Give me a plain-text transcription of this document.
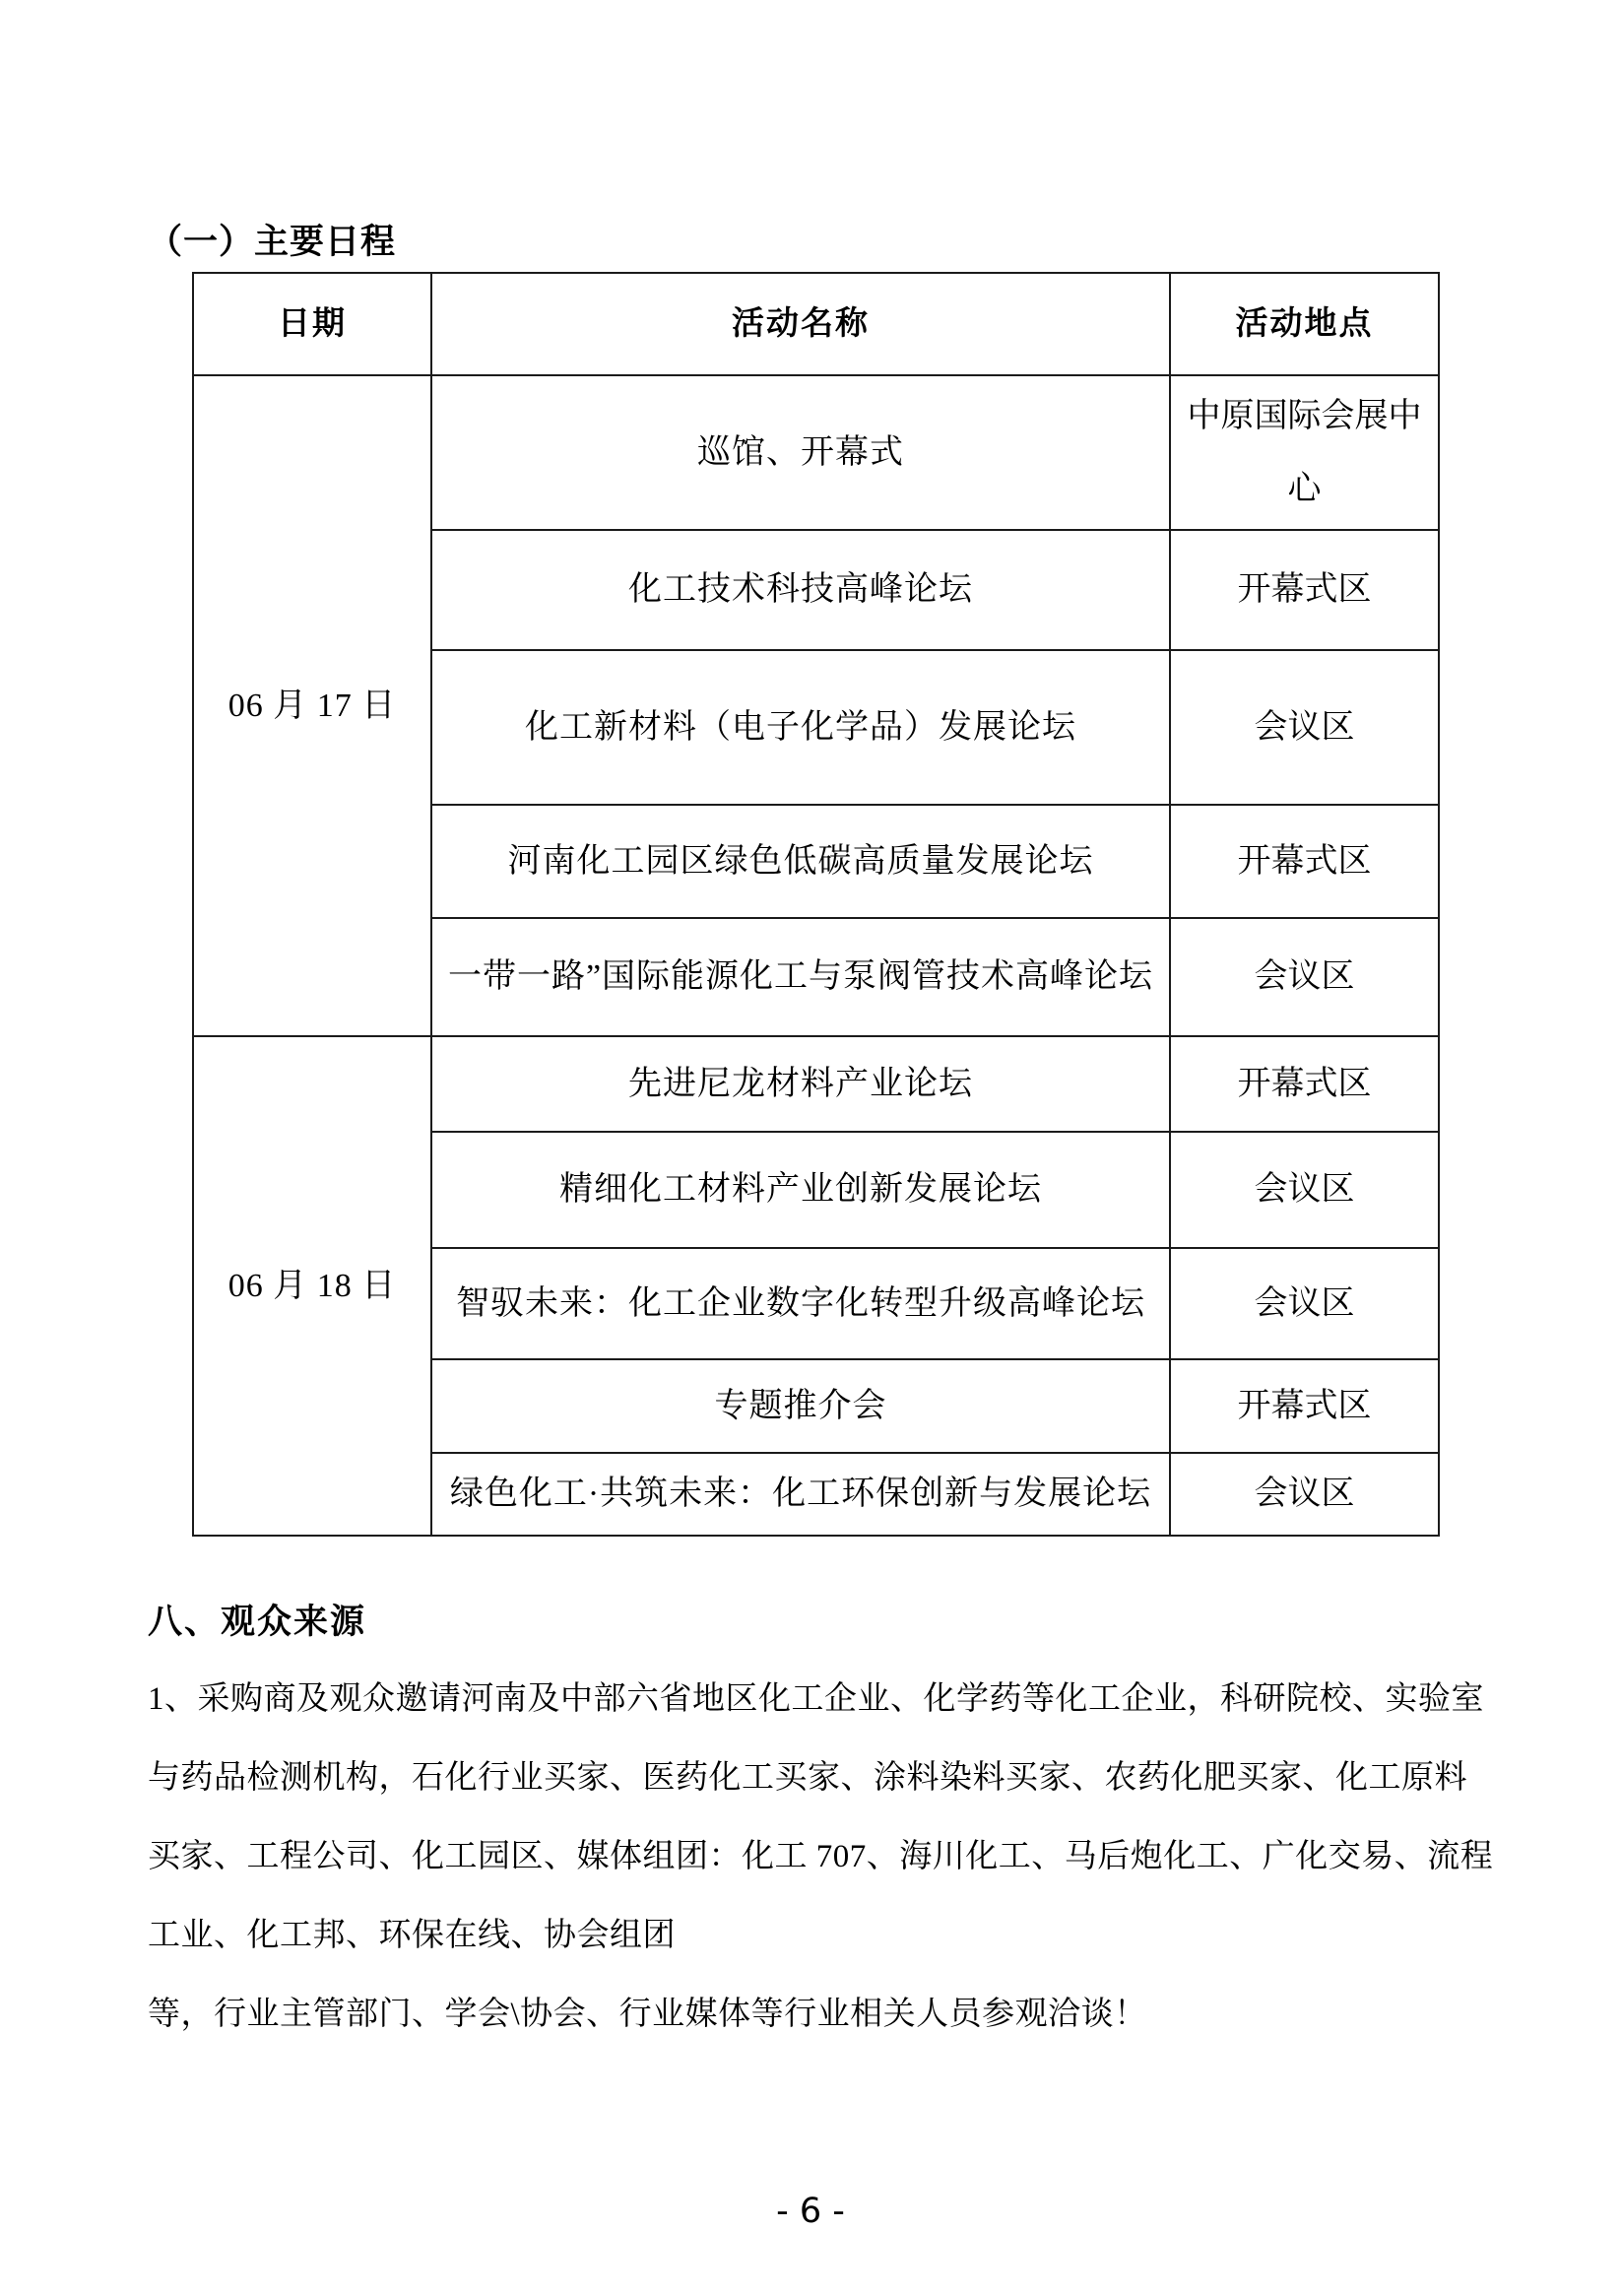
（一）主要日程
日期	活动名称	活动地点
06 月 17 日	巡馆、开幕式	中原国际会展中心
	化工技术科技高峰论坛	开幕式区
	化工新材料（电子化学品）发展论坛	会议区
	河南化工园区绿色低碳高质量发展论坛	开幕式区
	一带一路”国际能源化工与泵阀管技术高峰论坛	会议区
06 月 18 日	先进尼龙材料产业论坛	开幕式区
	精细化工材料产业创新发展论坛	会议区
	智驭未来：化工企业数字化转型升级高峰论坛	会议区
	专题推介会	开幕式区
	绿色化工·共筑未来：化工环保创新与发展论坛	会议区
八、观众来源
1、采购商及观众邀请河南及中部六省地区化工企业、化学药等化工企业，科研院校、实验室
与药品检测机构，石化行业买家、医药化工买家、涂料染料买家、农药化肥买家、化工原料
买家、工程公司、化工园区、媒体组团：化工 707、海川化工、马后炮化工、广化交易、流程
工业、化工邦、环保在线、协会组团
等，行业主管部门、学会\协会、行业媒体等行业相关人员参观洽谈！
- 6 -
